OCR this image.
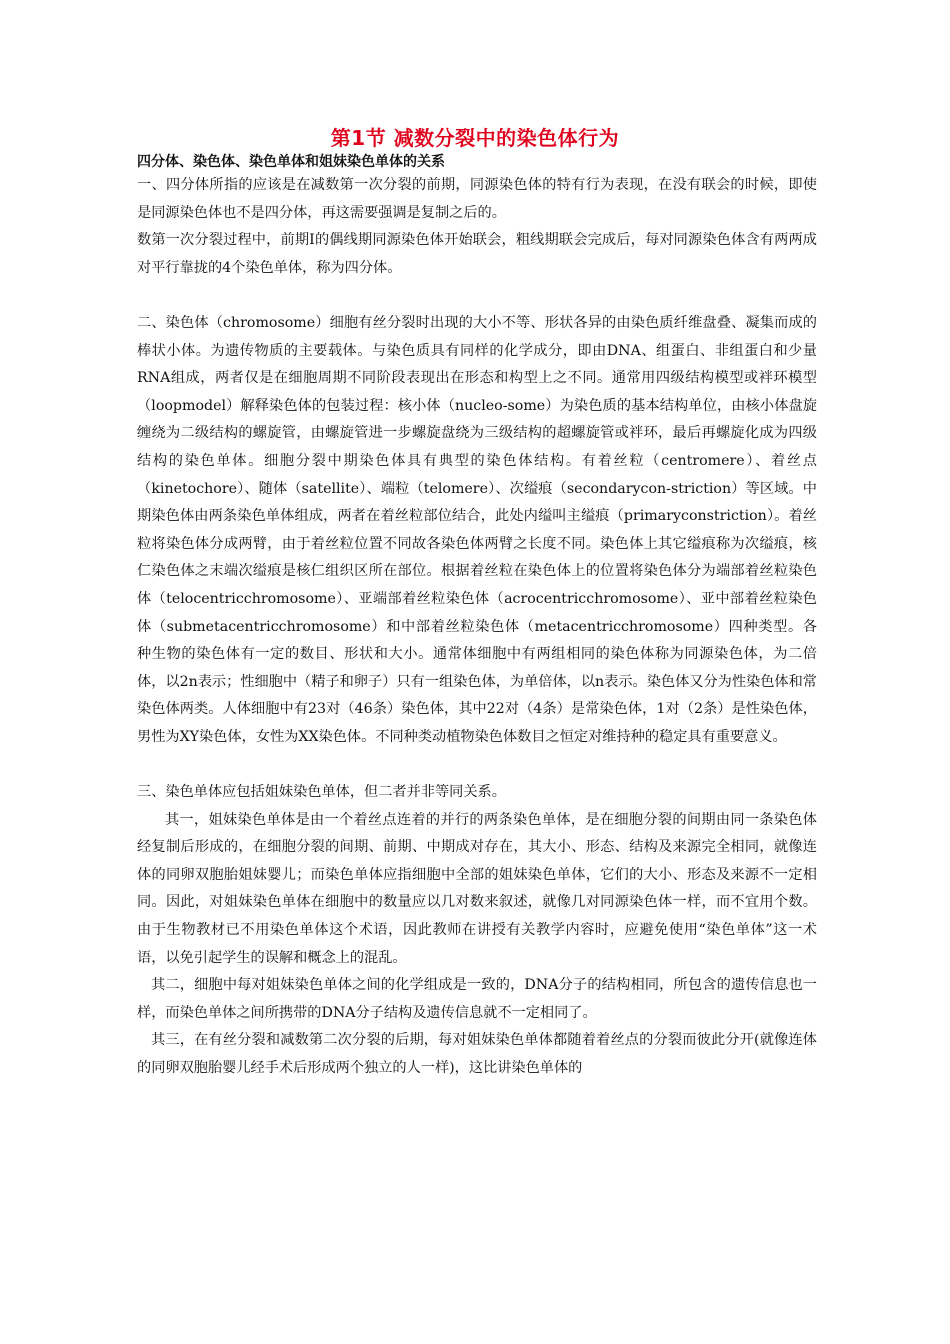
第1节 减数分裂中的染色体行为
四分体、染色体、染色单体和姐妹染色单体的关系

一、四分体所指的应该是在减数第一次分裂的前期，同源染色体的特有行为表现，在没有联会的时候，即使是同源染色体也不是四分体，再这需要强调是复制之后的。

数第一次分裂过程中，前期Ⅰ的偶线期同源染色体开始联会，粗线期联会完成后，每对同源染色体含有两两成对平行靠拢的4个染色单体，称为四分体。

二、染色体（chromosome）细胞有丝分裂时出现的大小不等、形状各异的由染色质纤维盘叠、凝集而成的棒状小体。为遗传物质的主要载体。与染色质具有同样的化学成分，即由DNA、组蛋白、非组蛋白和少量RNA组成，两者仅是在细胞周期不同阶段表现出在形态和构型上之不同。通常用四级结构模型或袢环模型（loopmodel）解释染色体的包装过程：核小体（nucleo-some）为染色质的基本结构单位，由核小体盘旋缠绕为二级结构的螺旋管，由螺旋管进一步螺旋盘绕为三级结构的超螺旋管或袢环，最后再螺旋化成为四级结构的染色单体。细胞分裂中期染色体具有典型的染色体结构。有着丝粒（centromere）、着丝点（kinetochore）、随体（satellite）、端粒（telomere）、次缢痕（secondarycon-striction）等区域。中期染色体由两条染色单体组成，两者在着丝粒部位结合，此处内缢叫主缢痕（primaryconstriction）。着丝粒将染色体分成两臂，由于着丝粒位置不同故各染色体两臂之长度不同。染色体上其它缢痕称为次缢痕，核仁染色体之末端次缢痕是核仁组织区所在部位。根据着丝粒在染色体上的位置将染色体分为端部着丝粒染色体（telocentricchromosome）、亚端部着丝粒染色体（acrocentricchromosome）、亚中部着丝粒染色体（submetacentricchromosome）和中部着丝粒染色体（metacentricchromosome）四种类型。各种生物的染色体有一定的数目、形状和大小。通常体细胞中有两组相同的染色体称为同源染色体，为二倍体，以2n表示；性细胞中（精子和卵子）只有一组染色体，为单倍体，以n表示。染色体又分为性染色体和常染色体两类。人体细胞中有23对（46条）染色体，其中22对（4条）是常染色体，1对（2条）是性染色体，男性为XY染色体，女性为XX染色体。不同种类动植物染色体数目之恒定对维持种的稳定具有重要意义。

三、染色单体应包括姐妹染色单体，但二者并非等同关系。

其一，姐妹染色单体是由一个着丝点连着的并行的两条染色单体，是在细胞分裂的间期由同一条染色体经复制后形成的，在细胞分裂的间期、前期、中期成对存在，其大小、形态、结构及来源完全相同，就像连体的同卵双胞胎姐妹婴儿；而染色单体应指细胞中全部的姐妹染色单体，它们的大小、形态及来源不一定相同。因此，对姐妹染色单体在细胞中的数量应以几对数来叙述，就像几对同源染色体一样，而不宜用个数。由于生物教材已不用染色单体这个术语，因此教师在讲授有关教学内容时，应避免使用“染色单体”这一术语，以免引起学生的误解和概念上的混乱。

其二，细胞中每对姐妹染色单体之间的化学组成是一致的，DNA分子的结构相同，所包含的遗传信息也一样，而染色单体之间所携带的DNA分子结构及遗传信息就不一定相同了。

其三，在有丝分裂和减数第二次分裂的后期，每对姐妹染色单体都随着着丝点的分裂而彼此分开(就像连体的同卵双胞胎婴儿经手术后形成两个独立的人一样)，这比讲染色单体的
